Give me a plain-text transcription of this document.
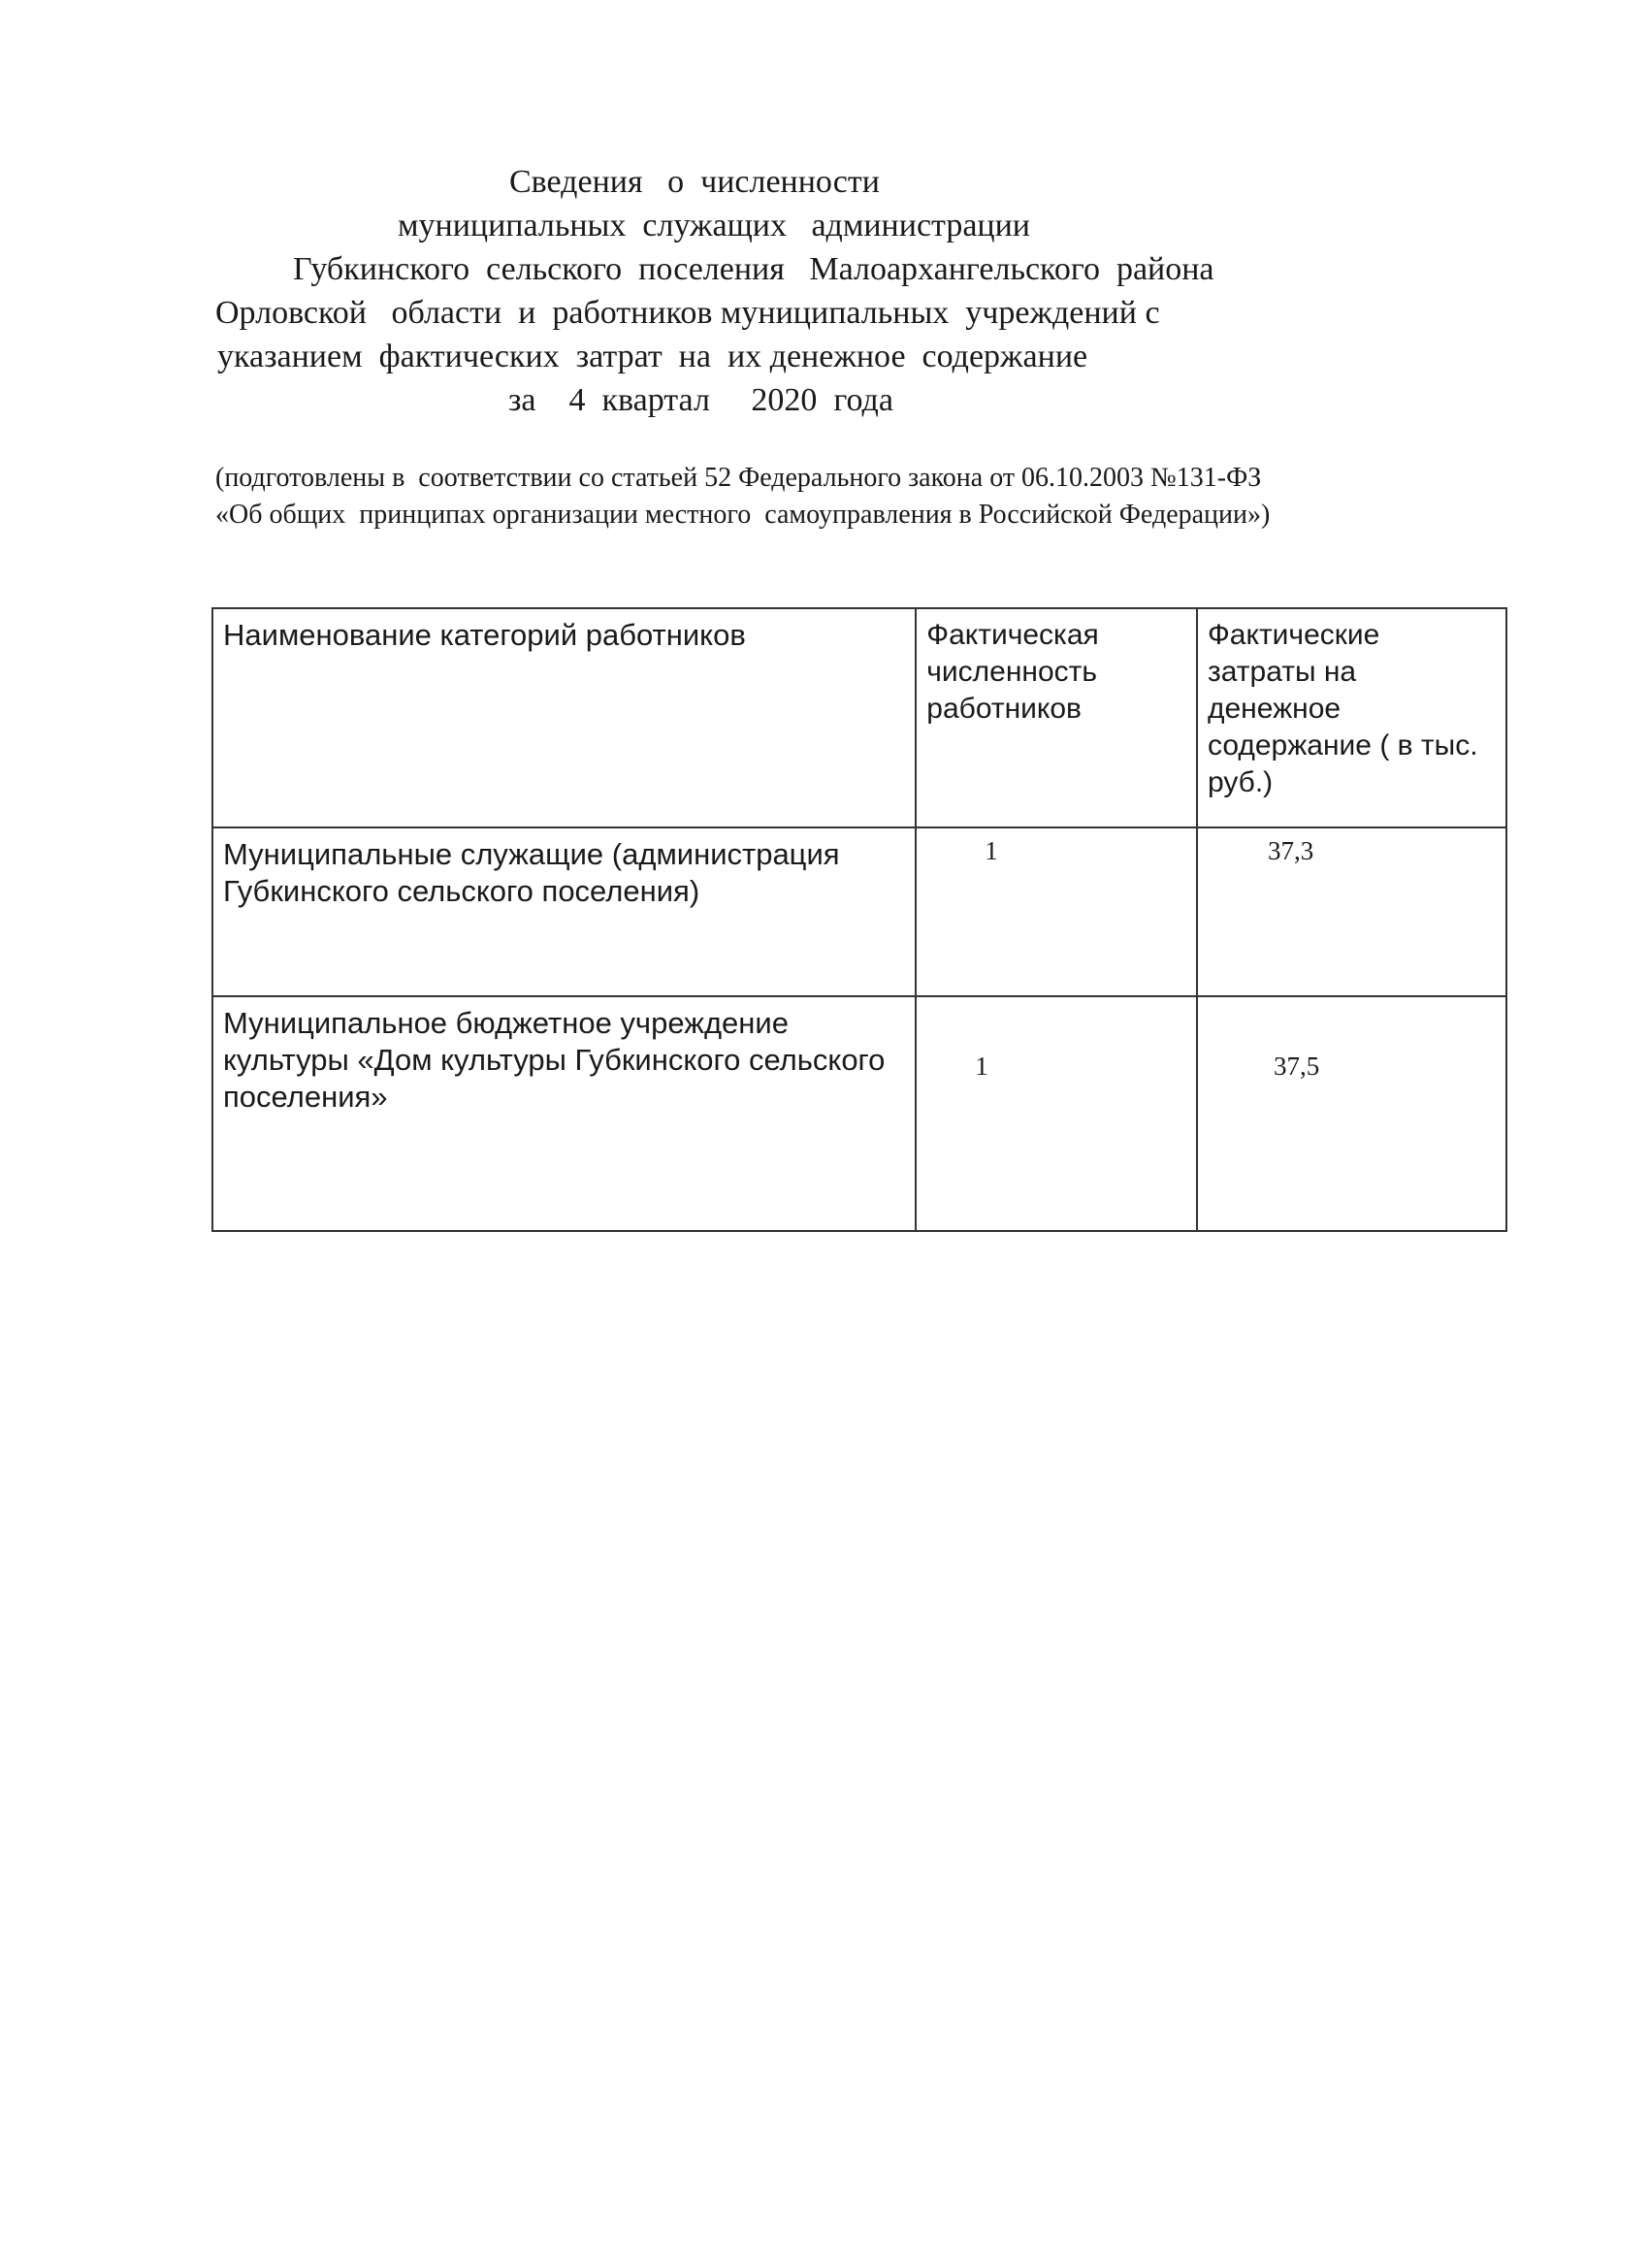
Сведения   о  численности
муниципальных  служащих   администрации
Губкинского  сельского  поселения   Малоархангельского  района
Орловской   области  и  работников муниципальных  учреждений с
указанием  фактических  затрат  на  их денежное  содержание
за    4  квартал     2020  года
(подготовлены в  соответствии со статьей 52 Федерального закона от 06.10.2003 №131-ФЗ
«Об общих  принципах организации местного  самоуправления в Российской Федерации»)
Наименование категорий работников	Фактическая численность работников	Фактические затраты на денежное содержание ( в тыс. руб.)
Муниципальные служащие (администрация Губкинского сельского поселения)	1	37,3
Муниципальное бюджетное учреждение культуры «Дом культуры Губкинского сельского поселения»	1	37,5
